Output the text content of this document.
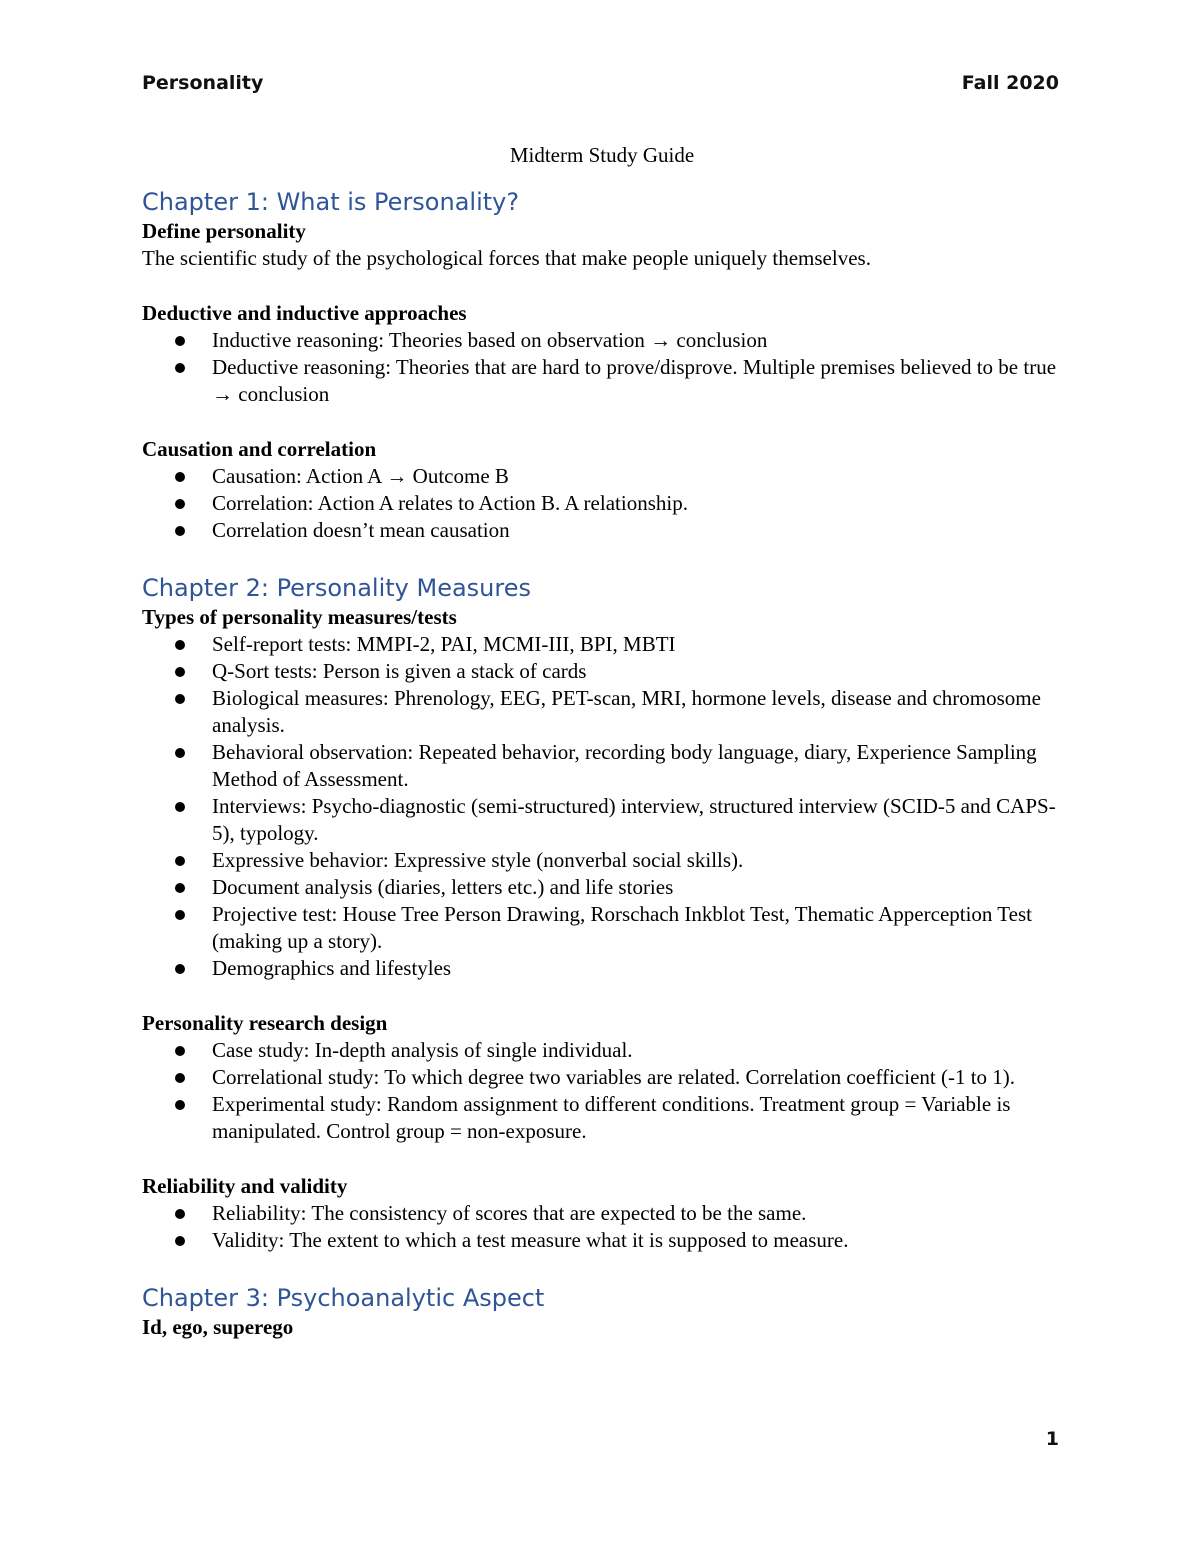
Personality	Fall 2020
Midterm Study Guide
Chapter 1: What is Personality?
Define personality
The scientific study of the psychological forces that make people uniquely themselves.
Deductive and inductive approaches
Inductive reasoning: Theories based on observation → conclusion
Deductive reasoning: Theories that are hard to prove/disprove. Multiple premises believed to be true → conclusion
Causation and correlation
Causation: Action A → Outcome B
Correlation: Action A relates to Action B. A relationship.
Correlation doesn’t mean causation
Chapter 2: Personality Measures
Types of personality measures/tests
Self-report tests: MMPI-2, PAI, MCMI-III, BPI, MBTI
Q-Sort tests: Person is given a stack of cards
Biological measures: Phrenology, EEG, PET-scan, MRI, hormone levels, disease and chromosome analysis.
Behavioral observation: Repeated behavior, recording body language, diary, Experience Sampling Method of Assessment.
Interviews: Psycho-diagnostic (semi-structured) interview, structured interview (SCID-5 and CAPS-5), typology.
Expressive behavior: Expressive style (nonverbal social skills).
Document analysis (diaries, letters etc.) and life stories
Projective test: House Tree Person Drawing, Rorschach Inkblot Test, Thematic Apperception Test (making up a story).
Demographics and lifestyles
Personality research design
Case study: In-depth analysis of single individual.
Correlational study: To which degree two variables are related. Correlation coefficient (-1 to 1).
Experimental study: Random assignment to different conditions. Treatment group = Variable is manipulated. Control group = non-exposure.
Reliability and validity
Reliability: The consistency of scores that are expected to be the same.
Validity: The extent to which a test measure what it is supposed to measure.
Chapter 3: Psychoanalytic Aspect
Id, ego, superego
1
